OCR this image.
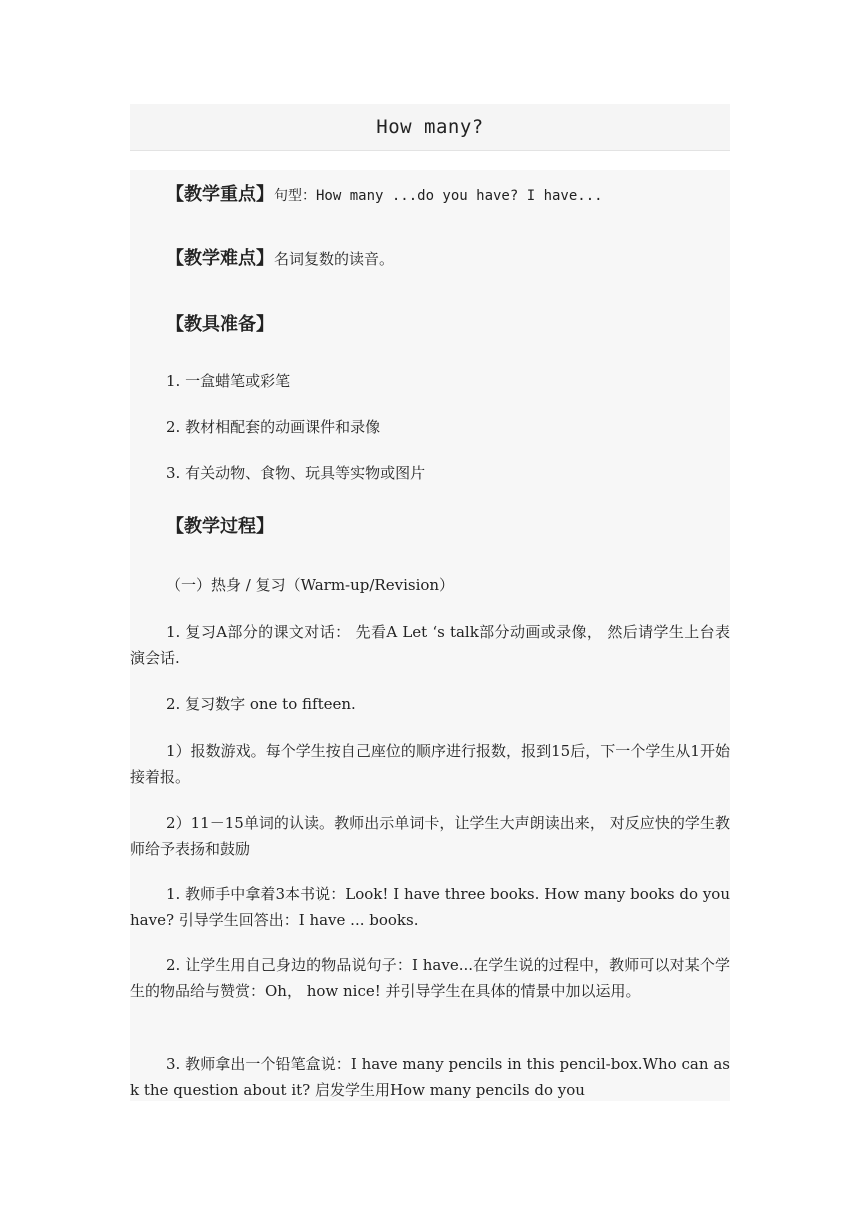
How many?
【教学重点】句型：How many ...do you have? I have...
【教学难点】名词复数的读音。
【教具准备】
1. 一盒蜡笔或彩笔
2. 教材相配套的动画课件和录像
3. 有关动物、食物、玩具等实物或图片
【教学过程】
（一）热身 / 复习（Warm-up/Revision）
1. 复习A部分的课文对话： 先看A Let ‘s talk部分动画或录像， 然后请学生上台表演会话.
2. 复习数字 one to fifteen.
1）报数游戏。每个学生按自己座位的顺序进行报数，报到15后，下一个学生从1开始接着报。
2）11－15单词的认读。教师出示单词卡，让学生大声朗读出来， 对反应快的学生教师给予表扬和鼓励
1. 教师手中拿着3本书说：Look! I have three books. How many books do you have? 引导学生回答出：I have ... books.
2. 让学生用自己身边的物品说句子：I have...在学生说的过程中，教师可以对某个学生的物品给与赞赏：Oh， how nice! 并引导学生在具体的情景中加以运用。
3. 教师拿出一个铅笔盒说：I have many pencils in this pencil-box.Who can ask the question about it? 启发学生用How many pencils do you
